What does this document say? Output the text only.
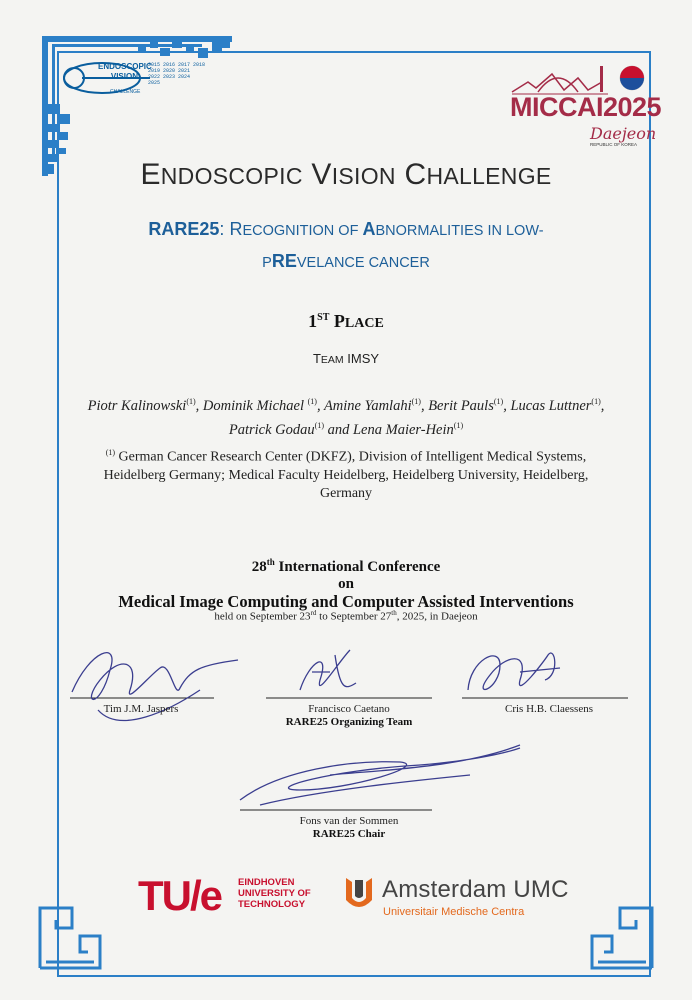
2015 2016 2017 2018
2019 2020 2021
2022 2023 2024
2025
ENDOSCOPIC
VISION
CHALLENGE	MICCAI2025
Daejeon
REPUBLIC OF KOREA
ENDOSCOPIC VISION CHALLENGE
RARE25: RECOGNITION OF ABNORMALITIES IN LOW-
PREVELANCE CANCER
1ST PLACE
TEAM IMSY
Piotr Kalinowski$^{(1)}$, Dominik Michael $^{(1)}$, Amine Yamlahi$^{(1)}$, Berit Pauls$^{(1)}$, Lucas Luttner$^{(1)}$, Patrick Godau$^{(1)}$ and Lena Maier-Hein$^{(1)}$
$^{(1)}$ German Cancer Research Center (DKFZ), Division of Intelligent Medical Systems, Heidelberg Germany; Medical Faculty Heidelberg, Heidelberg University, Heidelberg, Germany
28th International Conference
on
Medical Image Computing and Computer Assisted Interventions
held on September 23rd to September 27th, 2025, in Daejeon
Tim J.M. Jaspers	Francisco Caetano
RARE25 Organizing Team
Cris H.B. Claessens
Fons van der Sommen
RARE25 Chair
TU/e EINDHOVEN
UNIVERSITY OF
TECHNOLOGY
Amsterdam UMC
Universitair Medische Centra
